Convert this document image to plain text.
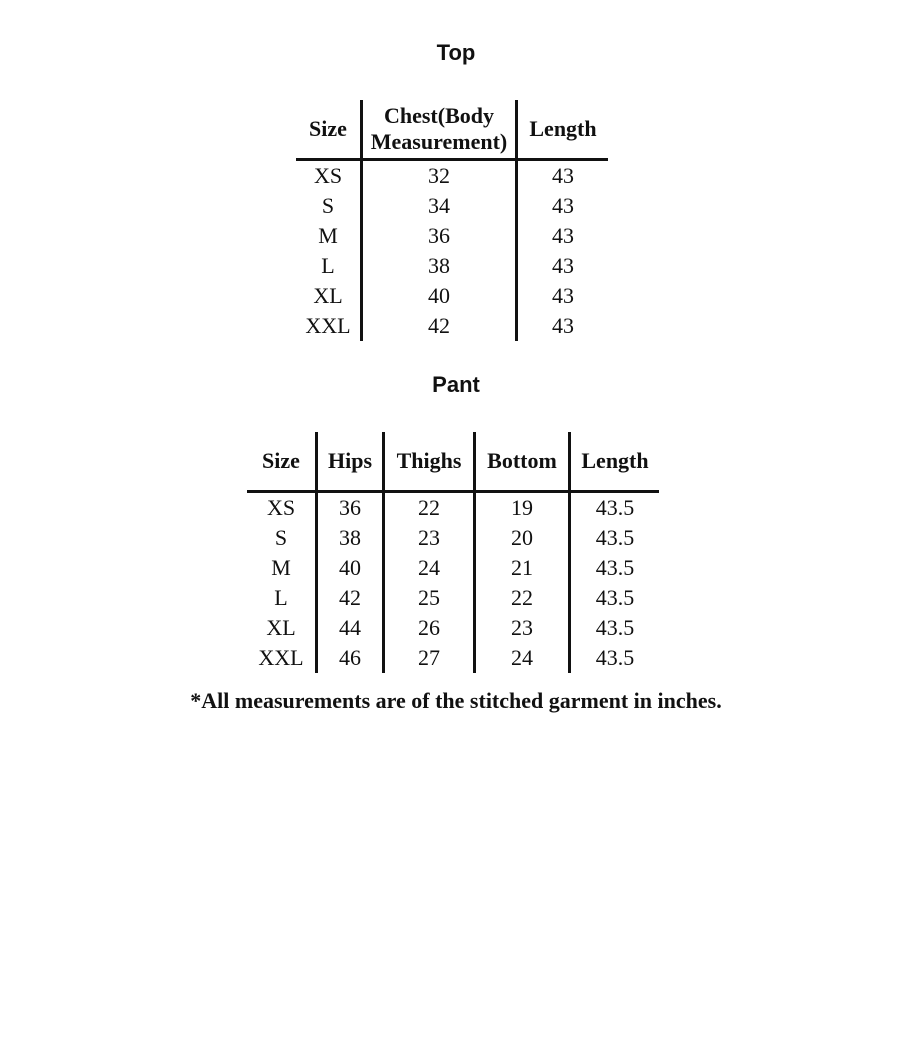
Top
Size	Chest(Body Measurement)	Length
XS	32	43
S	34	43
M	36	43
L	38	43
XL	40	43
XXL	42	43
Pant
Size	Hips	Thighs	Bottom	Length
XS	36	22	19	43.5
S	38	23	20	43.5
M	40	24	21	43.5
L	42	25	22	43.5
XL	44	26	23	43.5
XXL	46	27	24	43.5

*All measurements are of the stitched garment in inches.
